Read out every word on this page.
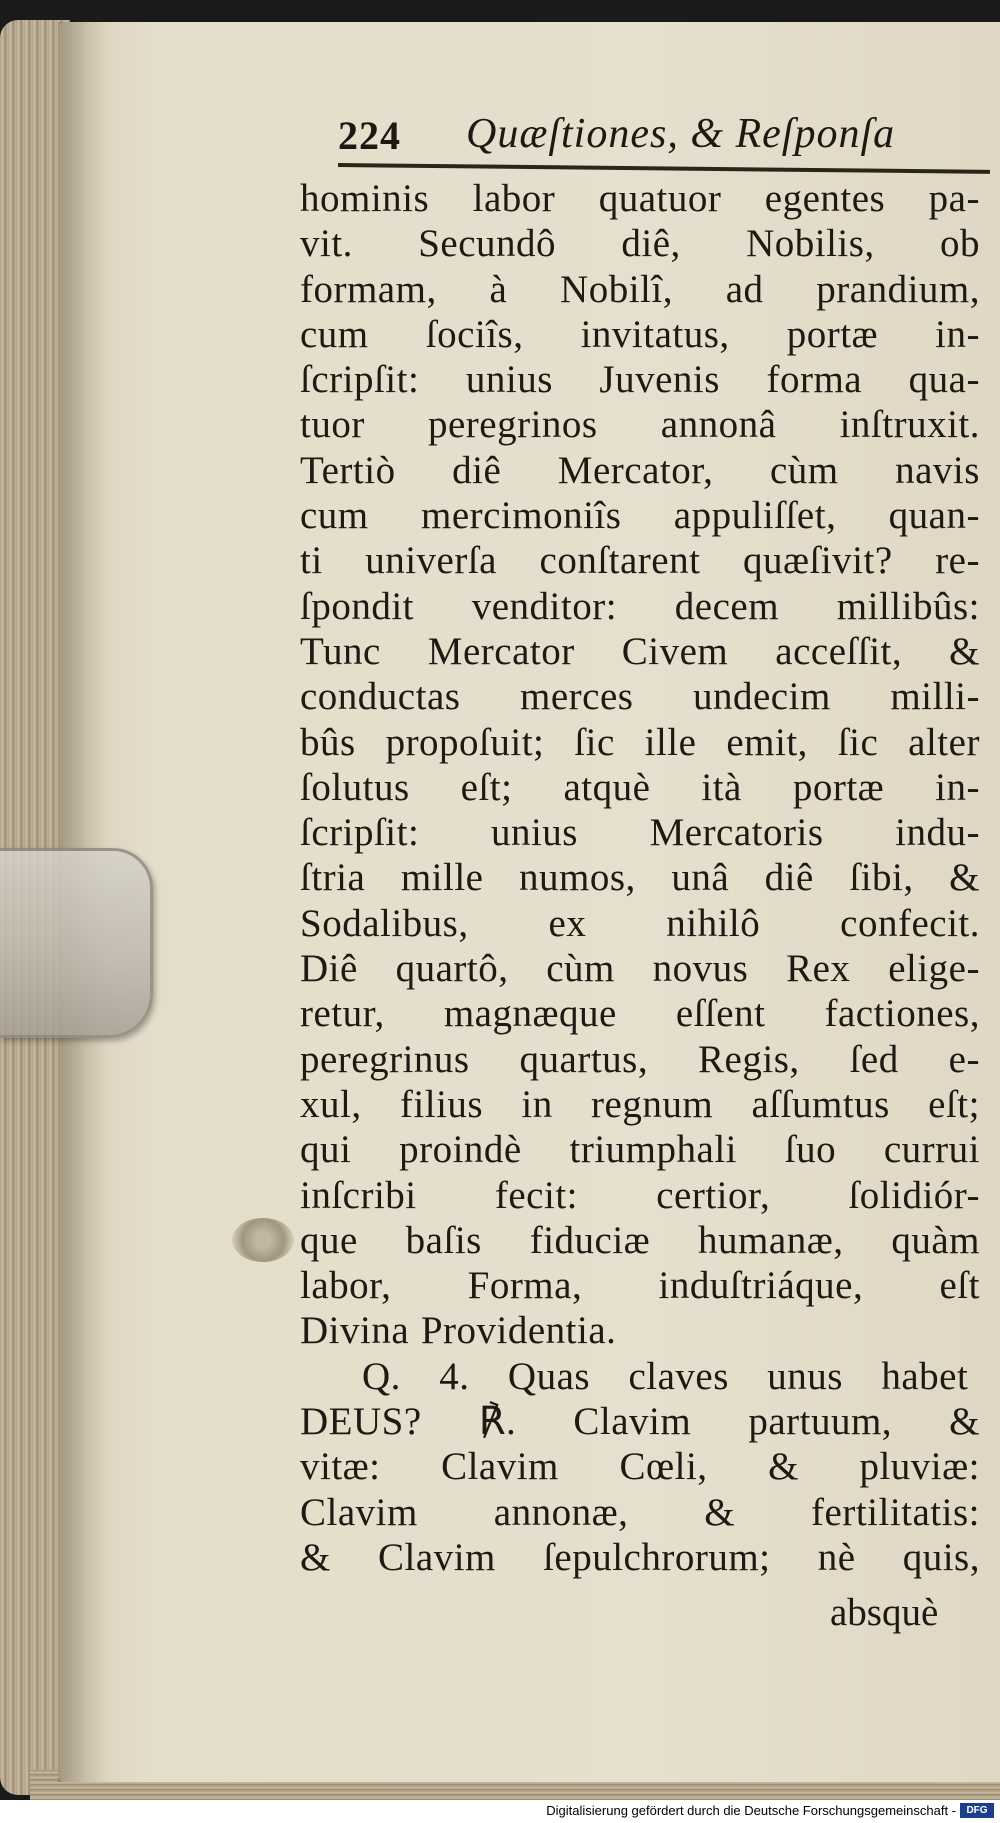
224 Quæſtiones, & Reſponſa
hominis labor quatuor egentes pa-
vit. Secundô diê, Nobilis, ob
formam, à Nobilî, ad prandium,
cum ſociîs, invitatus, portæ in-
ſcripſit: unius Juvenis forma qua-
tuor peregrinos annonâ inſtruxit.
Tertiò diê Mercator, cùm navis
cum mercimoniîs appuliſſet, quan-
ti univerſa conſtarent quæſivit? re-
ſpondit venditor: decem millibûs:
Tunc Mercator Civem acceſſit, &
conductas merces undecim milli-
bûs propoſuit; ſic ille emit, ſic alter
ſolutus eſt; atquè ità portæ in-
ſcripſit: unius Mercatoris indu-
ſtria mille numos, unâ diê ſibi, &
Sodalibus, ex nihilô confecit.
Diê quartô, cùm novus Rex elige-
retur, magnæque eſſent factiones,
peregrinus quartus, Regis, ſed e-
xul, filius in regnum aſſumtus eſt;
qui proindè triumphali ſuo currui
inſcribi fecit: certior, ſolidiór-
que baſis fiduciæ humanæ, quàm
labor, Forma, induſtriáque, eſt
Divina Providentia.
Q. 4. Quas claves unus habet
DEUS? ℟. Clavim partuum, &
vitæ: Clavim Cœli, & pluviæ:
Clavim annonæ, & fertilitatis:
& Clavim ſepulchrorum; nè quis,
absquè
Digitalisierung gefördert durch die Deutsche Forschungsgemeinschaft -	DFG
